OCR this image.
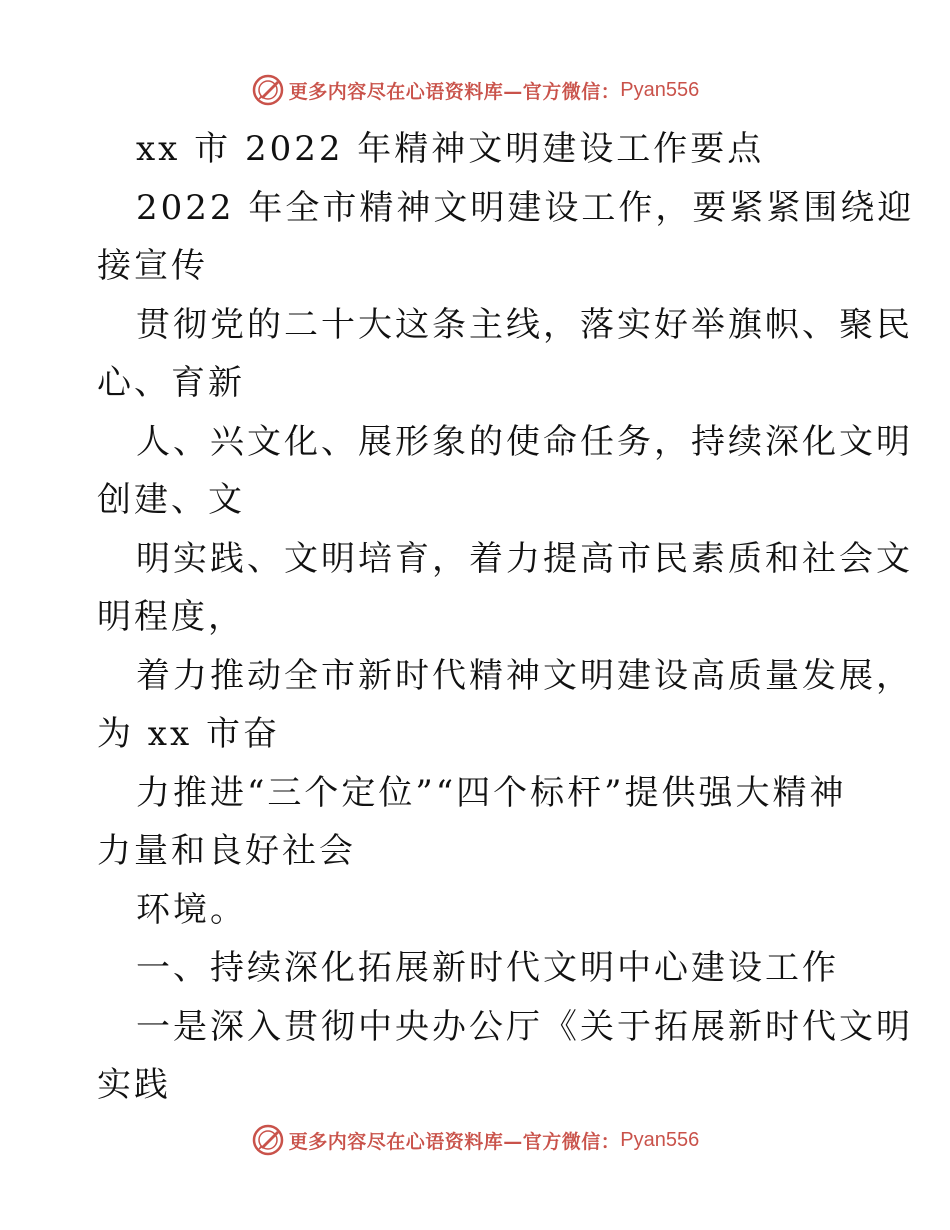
更多内容尽在心语资料库—官方微信： Pyan556
xx 市 2022 年精神文明建设工作要点
2022 年全市精神文明建设工作，要紧紧围绕迎
接宣传
贯彻党的二十大这条主线，落实好举旗帜、聚民
心、育新
人、兴文化、展形象的使命任务，持续深化文明
创建、文
明实践、文明培育，着力提高市民素质和社会文
明程度，
着力推动全市新时代精神文明建设高质量发展，
为 xx 市奋
力推进“三个定位”“四个标杆”提供强大精神
力量和良好社会
环境。
一、持续深化拓展新时代文明中心建设工作
一是深入贯彻中央办公厅《关于拓展新时代文明
实践
更多内容尽在心语资料库—官方微信： Pyan556
